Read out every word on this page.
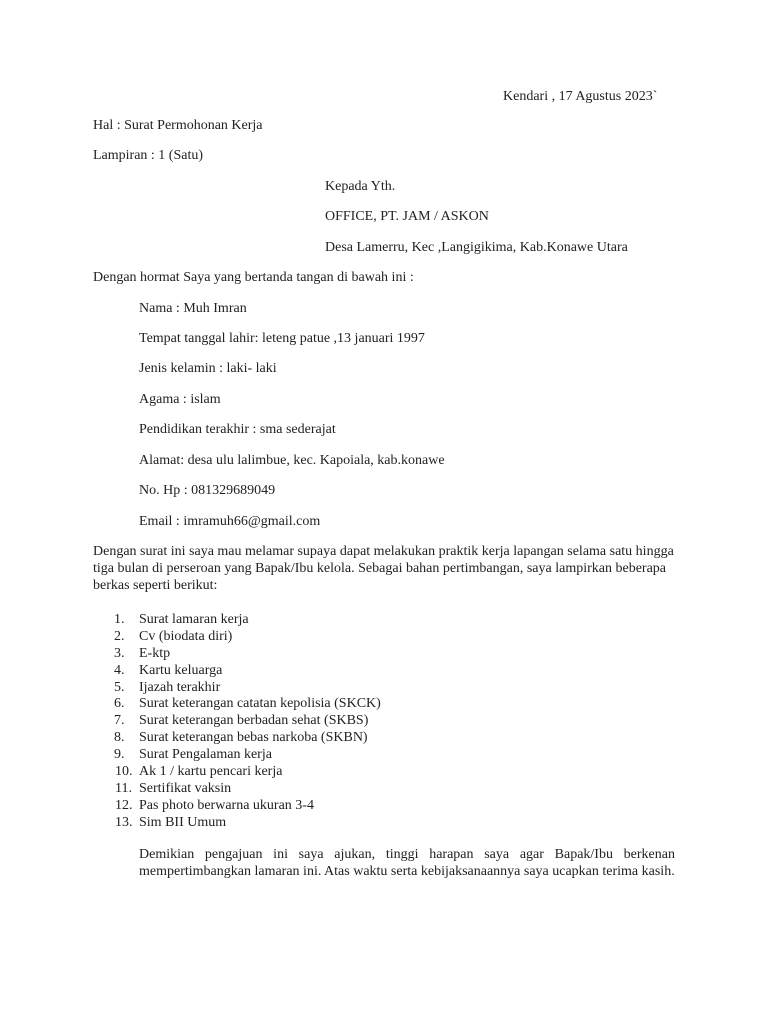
Kendari , 17 Agustus 2023`
Hal : Surat Permohonan Kerja
Lampiran : 1 (Satu)
Kepada Yth.
OFFICE, PT. JAM / ASKON
Desa Lamerru, Kec ,Langigikima, Kab.Konawe Utara
Dengan hormat Saya yang bertanda tangan di bawah ini :
Nama : Muh Imran
Tempat tanggal lahir: leteng patue ,13 januari 1997
Jenis kelamin : laki- laki
Agama : islam
Pendidikan terakhir : sma sederajat
Alamat: desa ulu lalimbue, kec. Kapoiala, kab.konawe
No. Hp : 081329689049
Email : imramuh66@gmail.com
Dengan surat ini saya mau melamar supaya dapat melakukan praktik kerja lapangan selama satu hingga tiga bulan di perseroan yang Bapak/Ibu kelola. Sebagai bahan pertimbangan, saya lampirkan beberapa berkas seperti berikut:
1. Surat lamaran kerja
2. Cv (biodata diri)
3. E-ktp
4. Kartu keluarga
5. Ijazah terakhir
6. Surat keterangan catatan kepolisia (SKCK)
7. Surat keterangan berbadan sehat (SKBS)
8. Surat keterangan bebas narkoba (SKBN)
9. Surat Pengalaman kerja
10. Ak 1 / kartu pencari kerja
11. Sertifikat vaksin
12. Pas photo berwarna ukuran 3-4
13. Sim BII Umum
Demikian pengajuan ini saya ajukan, tinggi harapan saya agar Bapak/Ibu berkenan mempertimbangkan lamaran ini. Atas waktu serta kebijaksanaannya saya ucapkan terima kasih.
